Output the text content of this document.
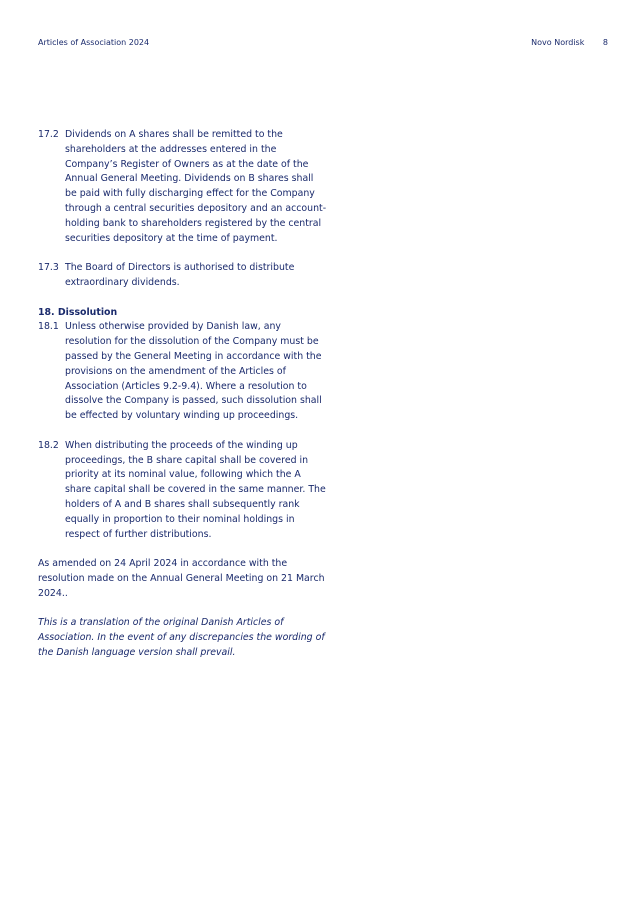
Articles of Association 2024	Novo Nordisk 8
17.2 Dividends on A shares shall be remitted to the shareholders at the addresses entered in the Company’s Register of Owners as at the date of the Annual General Meeting. Dividends on B shares shall be paid with fully discharging effect for the Company through a central securities depository and an account-holding bank to shareholders registered by the central securities depository at the time of payment.
17.3 The Board of Directors is authorised to distribute extraordinary dividends.
18. Dissolution
18.1 Unless otherwise provided by Danish law, any resolution for the dissolution of the Company must be passed by the General Meeting in accordance with the provisions on the amendment of the Articles of Association (Articles 9.2-9.4). Where a resolution to dissolve the Company is passed, such dissolution shall be effected by voluntary winding up proceedings.
18.2 When distributing the proceeds of the winding up proceedings, the B share capital shall be covered in priority at its nominal value, following which the A share capital shall be covered in the same manner. The holders of A and B shares shall subsequently rank equally in proportion to their nominal holdings in respect of further distributions.

As amended on 24 April 2024 in accordance with the resolution made on the Annual General Meeting on 21 March 2024..

This is a translation of the original Danish Articles of Association. In the event of any discrepancies the wording of the Danish language version shall prevail.
